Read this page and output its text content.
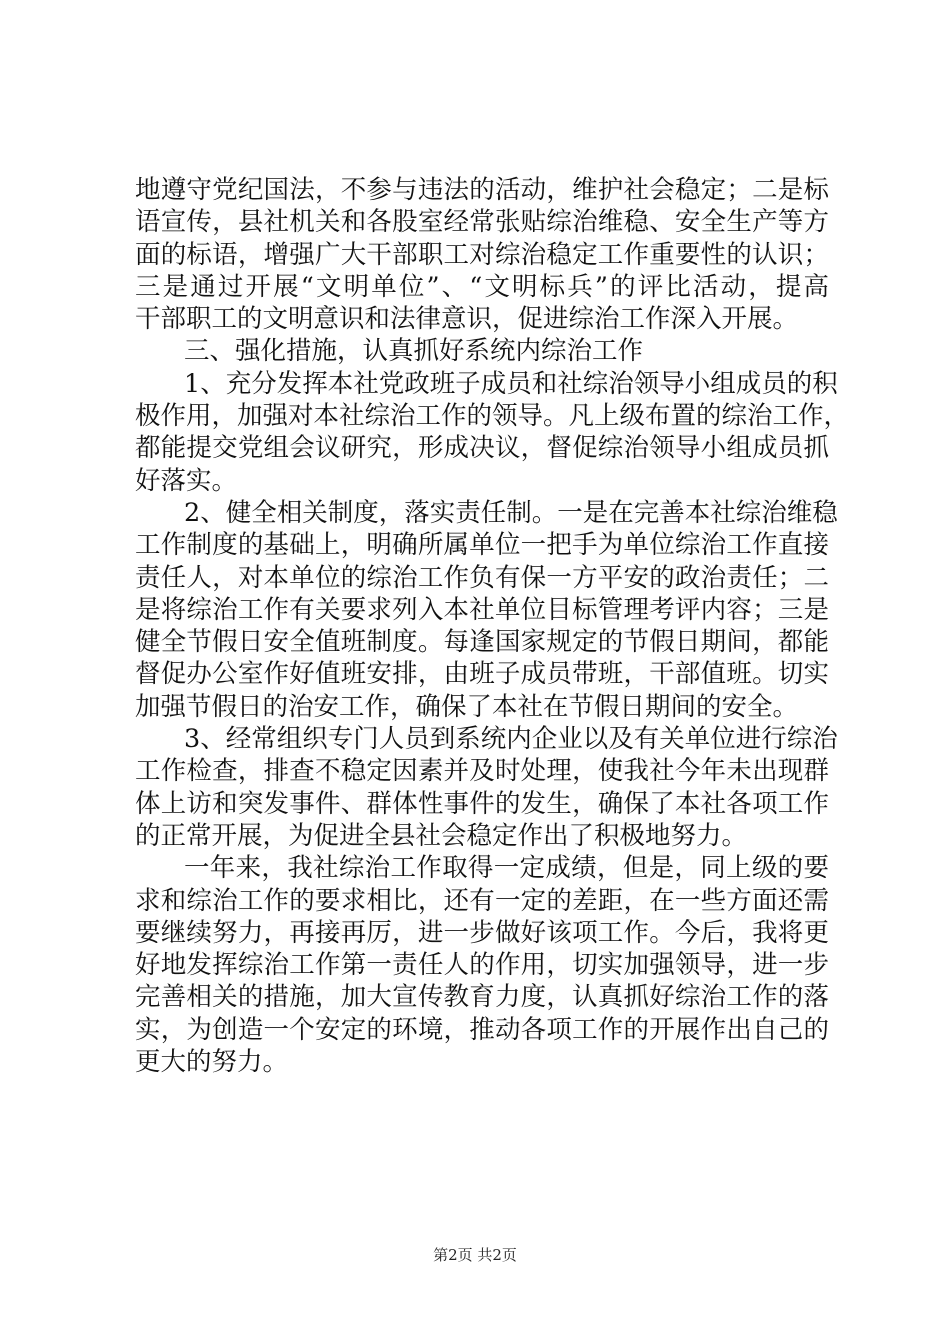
地遵守党纪国法，不参与违法的活动，维护社会稳定；二是标
语宣传，县社机关和各股室经常张贴综治维稳、安全生产等方
面的标语，增强广大干部职工对综治稳定工作重要性的认识；
三是通过开展“文明单位”、“文明标兵”的评比活动，提高
干部职工的文明意识和法律意识，促进综治工作深入开展。
三、强化措施，认真抓好系统内综治工作
1、充分发挥本社党政班子成员和社综治领导小组成员的积
极作用，加强对本社综治工作的领导。凡上级布置的综治工作，
都能提交党组会议研究，形成决议，督促综治领导小组成员抓
好落实。
2、健全相关制度，落实责任制。一是在完善本社综治维稳
工作制度的基础上，明确所属单位一把手为单位综治工作直接
责任人，对本单位的综治工作负有保一方平安的政治责任；二
是将综治工作有关要求列入本社单位目标管理考评内容；三是
健全节假日安全值班制度。每逢国家规定的节假日期间，都能
督促办公室作好值班安排，由班子成员带班，干部值班。切实
加强节假日的治安工作，确保了本社在节假日期间的安全。
3、经常组织专门人员到系统内企业以及有关单位进行综治
工作检查，排查不稳定因素并及时处理，使我社今年未出现群
体上访和突发事件、群体性事件的发生，确保了本社各项工作
的正常开展，为促进全县社会稳定作出了积极地努力。
一年来，我社综治工作取得一定成绩，但是，同上级的要
求和综治工作的要求相比，还有一定的差距，在一些方面还需
要继续努力，再接再厉，进一步做好该项工作。今后，我将更
好地发挥综治工作第一责任人的作用，切实加强领导，进一步
完善相关的措施，加大宣传教育力度，认真抓好综治工作的落
实，为创造一个安定的环境，推动各项工作的开展作出自己的
更大的努力。
第2页 共2页
